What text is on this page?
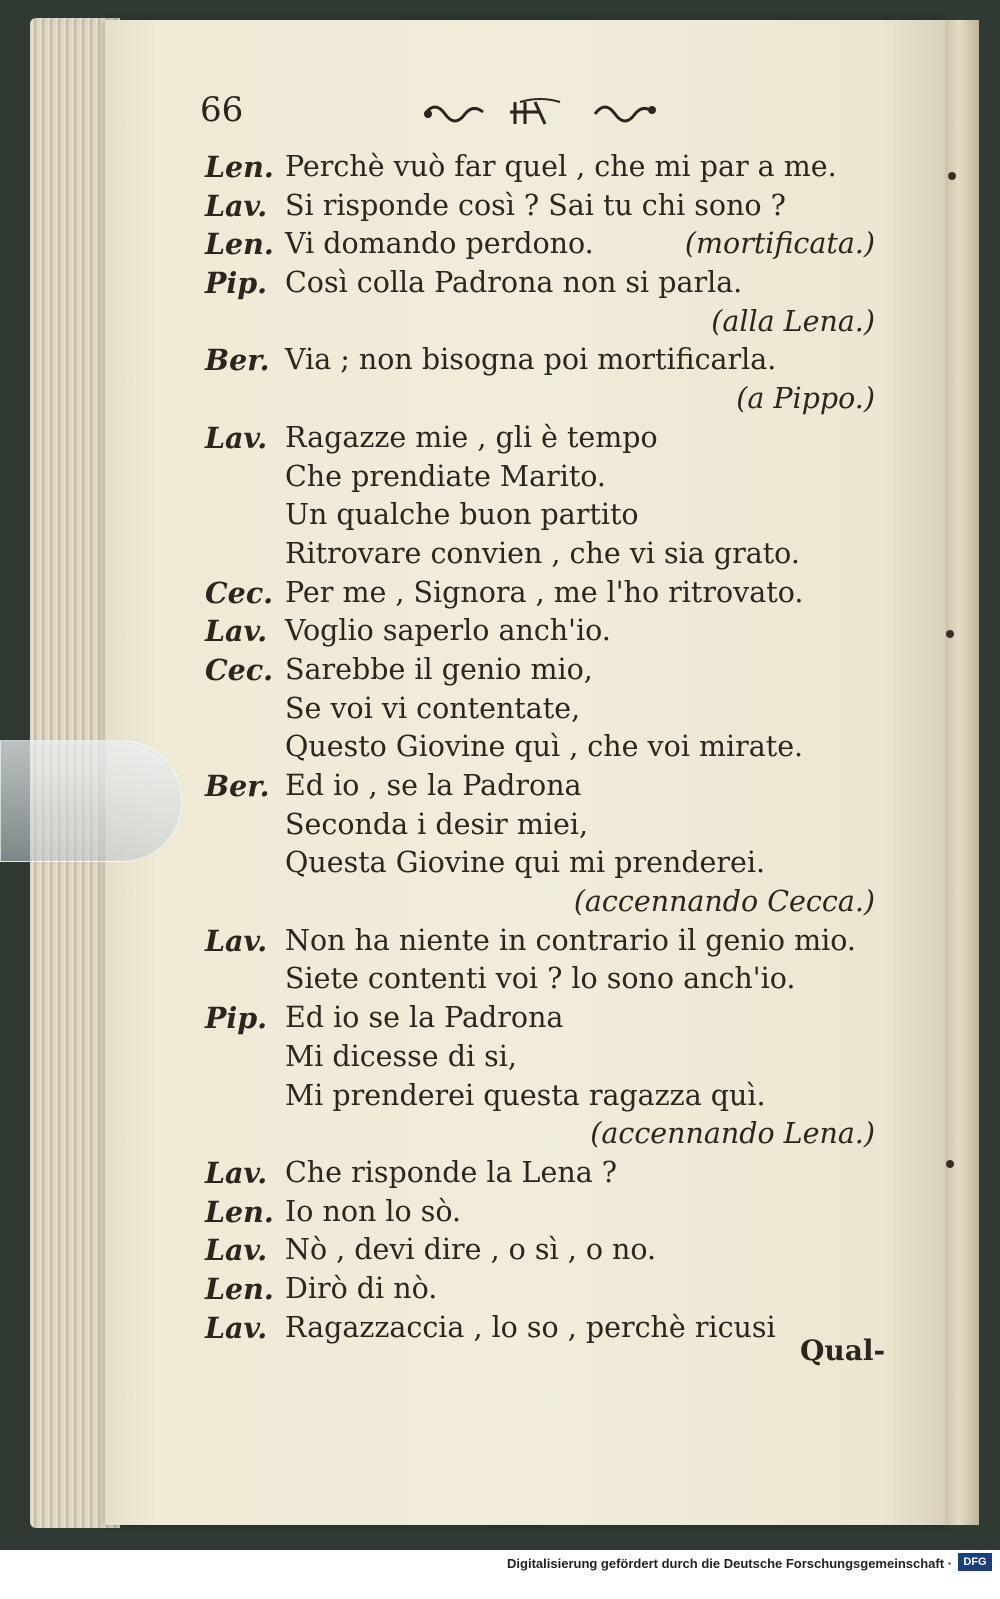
66
Len. Perchè vuò far quel , che mi par a me.
Lav. Si risponde così ? Sai tu chi sono ?
Len. Vi domando perdono.	(mortificata.)
Pip. Così colla Padrona non si parla.
(alla Lena.)
Ber. Via ; non bisogna poi mortificarla.
(a Pippo.)
Lav. Ragazze mie , gli è tempo
Che prendiate Marito.
Un qualche buon partito
Ritrovare convien , che vi sia grato.
Cec. Per me , Signora , me l'ho ritrovato.
Lav. Voglio saperlo anch'io.
Cec. Sarebbe il genio mio,
Se voi vi contentate,
Questo Giovine quì , che voi mirate.
Ber. Ed io , se la Padrona
Seconda i desir miei,
Questa Giovine qui mi prenderei.
(accennando Cecca.)
Lav. Non ha niente in contrario il genio mio.
Siete contenti voi ? lo sono anch'io.
Pip. Ed io se la Padrona
Mi dicesse di si,
Mi prenderei questa ragazza quì.
(accennando Lena.)
Lav. Che risponde la Lena ?
Len. Io non lo sò.
Lav. Nò , devi dire , o sì , o no.
Len. Dirò di nò.
Lav. Ragazzaccia , lo so , perchè ricusi
Qual-
Digitalisierung gefördert durch die Deutsche Forschungsgemeinschaft ·	DFG
